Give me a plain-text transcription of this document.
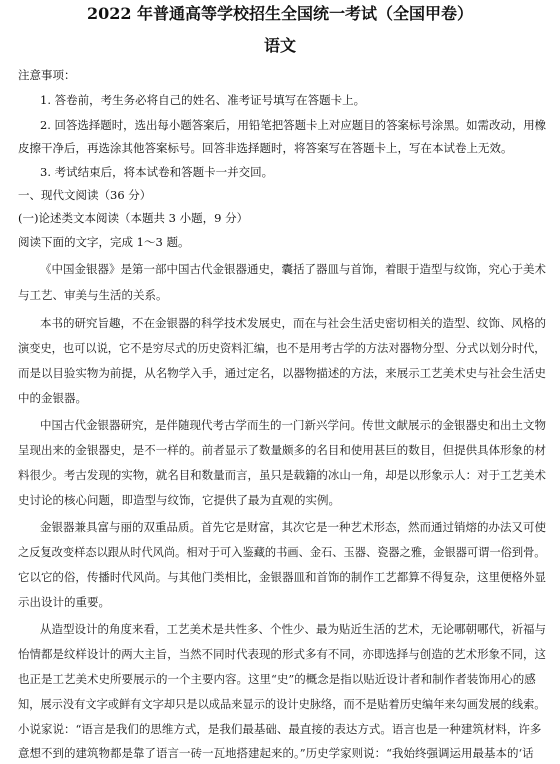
2022 年普通高等学校招生全国统一考试（全国甲卷）
语文
注意事项：
1. 答卷前，考生务必将自己的姓名、准考证号填写在答题卡上。
2. 回答选择题时，选出每小题答案后，用铅笔把答题卡上对应题目的答案标号涂黑。如需改动，用橡
皮擦干净后，再选涂其他答案标号。回答非选择题时，将答案写在答题卡上，写在本试卷上无效。
3. 考试结束后，将本试卷和答题卡一并交回。
一、现代文阅读（36 分）
(一)论述类文本阅读（本题共 3 小题，9 分）
阅读下面的文字，完成 1～3 题。
《中国金银器》是第一部中国古代金银器通史，囊括了器皿与首饰，着眼于造型与纹饰，究心于美术
与工艺、审美与生活的关系。
本书的研究旨趣，不在金银器的科学技术发展史，而在与社会生活史密切相关的造型、纹饰、风格的
演变史，也可以说，它不是穷尽式的历史资料汇编，也不是用考古学的方法对器物分型、分式以划分时代，
而是以目验实物为前提，从名物学入手，通过定名，以器物描述的方法，来展示工艺美术史与社会生活史
中的金银器。
中国古代金银器研究，是伴随现代考古学而生的一门新兴学问。传世文献展示的金银器史和出土文物
呈现出来的金银器史，是不一样的。前者显示了数量颇多的名目和使用甚巨的数目，但提供具体形象的材
料很少。考古发现的实物，就名目和数量而言，虽只是载籍的冰山一角，却是以形象示人：对于工艺美术
史讨论的核心问题，即造型与纹饰，它提供了最为直观的实例。
金银器兼具富与丽的双重品质。首先它是财富，其次它是一种艺术形态，然而通过销熔的办法又可使
之反复改变样态以跟从时代风尚。相对于可入鉴藏的书画、金石、玉器、瓷器之雅，金银器可谓一俗到骨。
它以它的俗，传播时代风尚。与其他门类相比，金银器皿和首饰的制作工艺都算不得复杂，这里便格外显
示出设计的重要。
从造型设计的角度来看，工艺美术是共性多、个性少、最为贴近生活的艺术，无论哪朝哪代，祈福与
怡情都是纹样设计的两大主旨，当然不同时代表现的形式多有不同，亦即选择与创造的艺术形象不同，这
也正是工艺美术史所要展示的一个主要内容。这里“史”的概念是指以贴近设计者和制作者装饰用心的感
知，展示没有文字或鲜有文字却只是以成品来显示的设计史脉络，而不是贴着历史编年来勾画发展的线索。
小说家说：“语言是我们的思维方式，是我们最基础、最直接的表达方式。语言也是一种建筑材料，许多
意想不到的建筑物都是靠了语言一砖一瓦地搭建起来的。”历史学家则说：“我始终强调运用最基本的‘话
